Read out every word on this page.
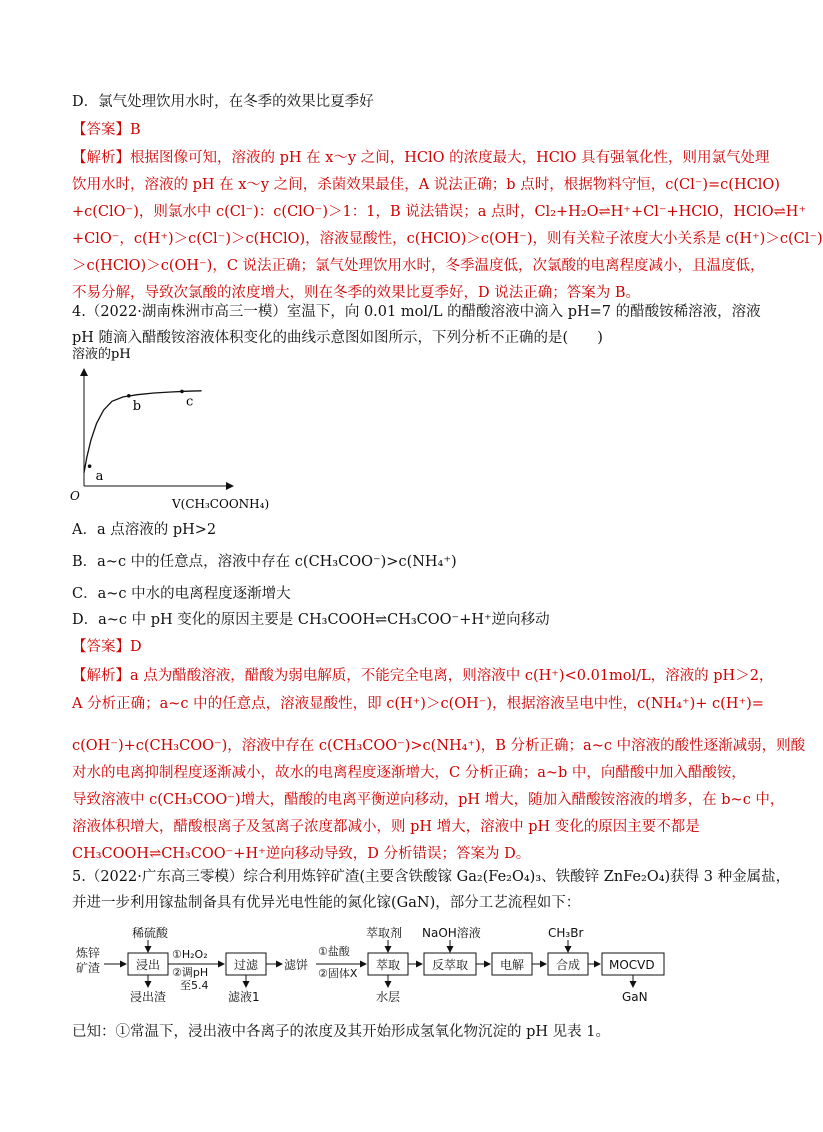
D．氯气处理饮用水时，在冬季的效果比夏季好
【答案】B
【解析】根据图像可知，溶液的 pH 在 x～y 之间，HClO 的浓度最大，HClO 具有强氧化性，则用氯气处理
饮用水时，溶液的 pH 在 x～y 之间，杀菌效果最佳，A 说法正确；b 点时，根据物料守恒，c(Cl⁻)=c(HClO)
+c(ClO⁻)，则氯水中 c(Cl⁻)：c(ClO⁻)＞1：1，B 说法错误；a 点时，Cl₂+H₂O⇌H⁺+Cl⁻+HClO，HClO⇌H⁺
+ClO⁻，c(H⁺)＞c(Cl⁻)＞c(HClO)，溶液显酸性，c(HClO)＞c(OH⁻)，则有关粒子浓度大小关系是 c(H⁺)＞c(Cl⁻)
＞c(HClO)＞c(OH⁻)，C 说法正确；氯气处理饮用水时，冬季温度低，次氯酸的电离程度减小，且温度低，
不易分解，导致次氯酸的浓度增大，则在冬季的效果比夏季好，D 说法正确；答案为 B。
4.（2022·湖南株洲市高三一模）室温下，向 0.01 mol/L 的醋酸溶液中滴入 pH=7 的醋酸铵稀溶液，溶液
pH 随滴入醋酸铵溶液体积变化的曲线示意图如图所示，下列分析不正确的是(　　)
溶液的pH
O
V(CH₃COONH₄)
a
b	c
A．a 点溶液的 pH>2
B．a~c 中的任意点，溶液中存在 c(CH₃COO⁻)>c(NH₄⁺)
C．a~c 中水的电离程度逐渐增大
D．a~c 中 pH 变化的原因主要是 CH₃COOH⇌CH₃COO⁻+H⁺逆向移动
【答案】D
【解析】a 点为醋酸溶液，醋酸为弱电解质，不能完全电离，则溶液中 c(H⁺)<0.01mol/L，溶液的 pH＞2，
A 分析正确；a~c 中的任意点，溶液显酸性，即 c(H⁺)＞c(OH⁻)，根据溶液呈电中性，c(NH₄⁺)+ c(H⁺)=
c(OH⁻)+c(CH₃COO⁻)，溶液中存在 c(CH₃COO⁻)>c(NH₄⁺)，B 分析正确；a~c 中溶液的酸性逐渐减弱，则酸
对水的电离抑制程度逐渐减小，故水的电离程度逐渐增大，C 分析正确；a~b 中，向醋酸中加入醋酸铵，
导致溶液中 c(CH₃COO⁻)增大，醋酸的电离平衡逆向移动，pH 增大，随加入醋酸铵溶液的增多，在 b~c 中，
溶液体积增大，醋酸根离子及氢离子浓度都减小，则 pH 增大，溶液中 pH 变化的原因主要不都是
CH₃COOH⇌CH₃COO⁻+H⁺逆向移动导致，D 分析错误；答案为 D。
5.（2022·广东高三零模）综合利用炼锌矿渣(主要含铁酸镓 Ga₂(Fe₂O₄)₃、铁酸锌 ZnFe₂O₄)获得 3 种金属盐，
并进一步利用镓盐制备具有优异光电性能的氮化镓(GaN)，部分工艺流程如下：
炼锌
矿渣	浸出
稀硫酸
浸出渣
①H₂O₂
②调pH
至5.4
过滤
滤液1
滤饼
①盐酸
②固体X
萃取
萃取剂
水层
反萃取
NaOH溶液
电解	合成
CH₃Br
MOCVD
GaN
已知：①常温下，浸出液中各离子的浓度及其开始形成氢氧化物沉淀的 pH 见表 1。
